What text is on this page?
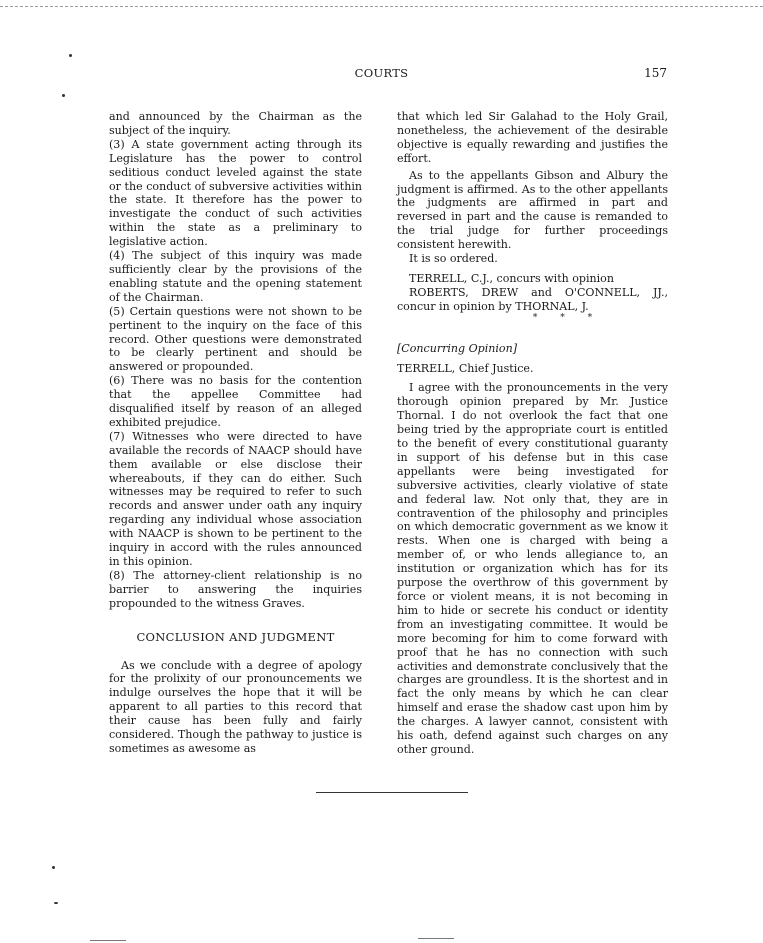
COURTS	157

and announced by the Chairman as the subject of the inquiry.

(3) A state government acting through its Legislature has the power to control seditious conduct leveled against the state or the conduct of subversive activities within the state. It therefore has the power to investigate the conduct of such activities within the state as a preliminary to legislative action.

(4) The subject of this inquiry was made sufficiently clear by the provisions of the enabling statute and the opening statement of the Chairman.

(5) Certain questions were not shown to be pertinent to the inquiry on the face of this record. Other questions were demonstrated to be clearly pertinent and should be answered or propounded.

(6) There was no basis for the contention that the appellee Committee had disqualified itself by reason of an alleged exhibited prejudice.

(7) Witnesses who were directed to have available the records of NAACP should have them available or else disclose their whereabouts, if they can do either. Such witnesses may be required to refer to such records and answer under oath any inquiry regarding any individual whose association with NAACP is shown to be pertinent to the inquiry in accord with the rules announced in this opinion.

(8) The attorney-client relationship is no barrier to answering the inquiries propounded to the witness Graves.

CONCLUSION AND JUDGMENT

As we conclude with a degree of apology for the prolixity of our pronouncements we indulge ourselves the hope that it will be apparent to all parties to this record that their cause has been fully and fairly considered. Though the pathway to justice is sometimes as awesome as

that which led Sir Galahad to the Holy Grail, nonetheless, the achievement of the desirable objective is equally rewarding and justifies the effort.

As to the appellants Gibson and Albury the judgment is affirmed. As to the other appellants the judgments are affirmed in part and reversed in part and the cause is remanded to the trial judge for further proceedings consistent herewith.

It is so ordered.

TERRELL, C.J., concurs with opinion

ROBERTS, DREW and O'CONNELL, JJ., concur in opinion by THORNAL, J.

* * *

[Concurring Opinion]

TERRELL, Chief Justice.

I agree with the pronouncements in the very thorough opinion prepared by Mr. Justice Thornal. I do not overlook the fact that one being tried by the appropriate court is entitled to the benefit of every constitutional guaranty in support of his defense but in this case appellants were being investigated for subversive activities, clearly violative of state and federal law. Not only that, they are in contravention of the philosophy and principles on which democratic government as we know it rests. When one is charged with being a member of, or who lends allegiance to, an institution or organization which has for its purpose the overthrow of this government by force or violent means, it is not becoming in him to hide or secrete his conduct or identity from an investigating committee. It would be more becoming for him to come forward with proof that he has no connection with such activities and demonstrate conclusively that the charges are groundless. It is the shortest and in fact the only means by which he can clear himself and erase the shadow cast upon him by the charges. A lawyer cannot, consistent with his oath, defend against such charges on any other ground.
